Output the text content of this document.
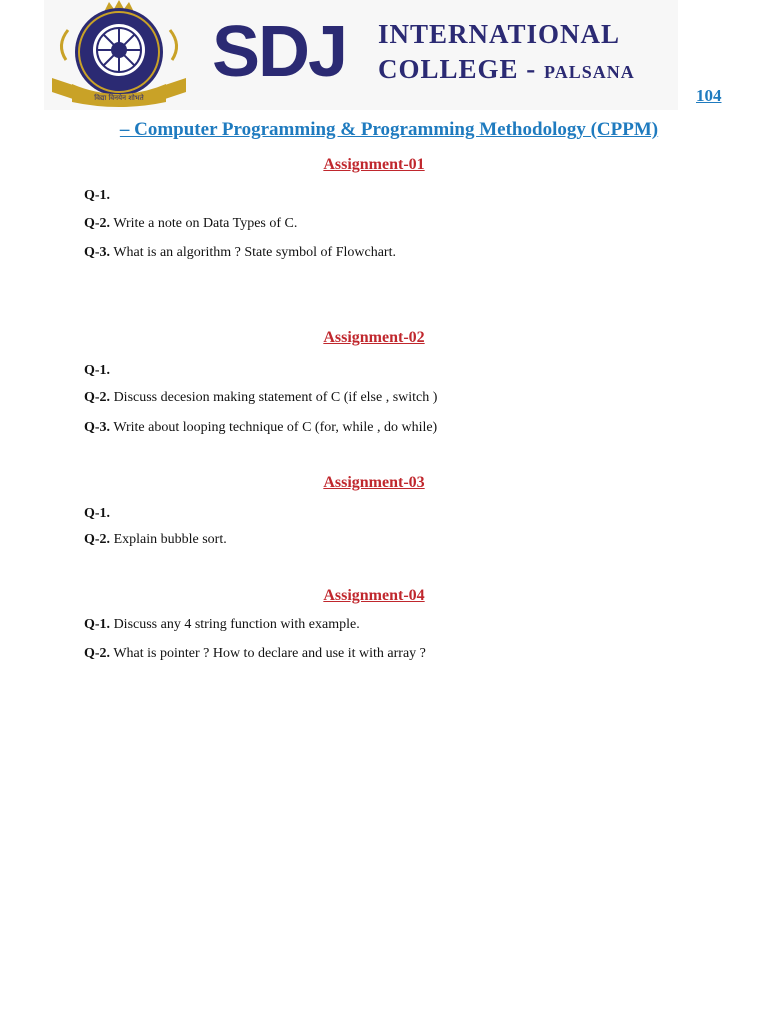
विद्या विनयेन शोभते
SDJ INTERNATIONAL
COLLEGE - PALSANA
104
– Computer Programming & Programming Methodology (CPPM)
Assignment-01
Q-1.
Q-2. Write a note on Data Types of C.
Q-3. What is an algorithm ? State symbol of Flowchart.
Assignment-02
Q-1.
Q-2. Discuss decesion making statement of C (if else , switch )
Q-3. Write about looping technique of C (for, while , do while)
Assignment-03
Q-1.
Q-2. Explain bubble sort.
Assignment-04
Q-1. Discuss any 4 string function with example.
Q-2. What is pointer ? How to declare and use it with array ?
